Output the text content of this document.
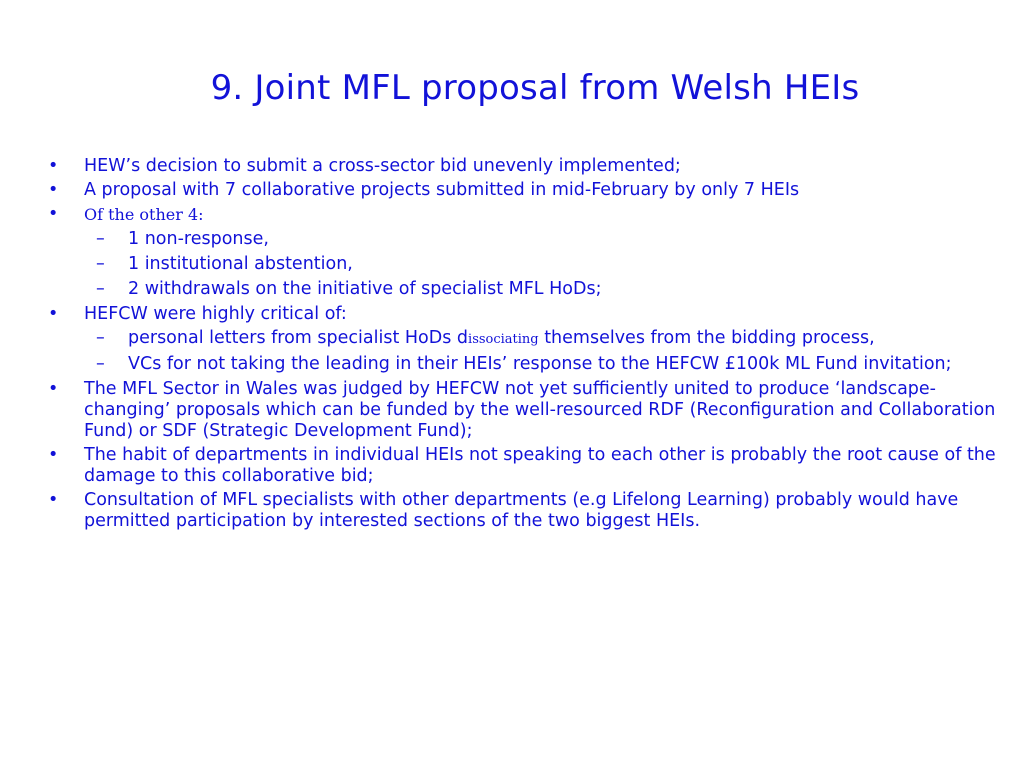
9. Joint MFL proposal from Welsh HEIs
• HEW’s decision to submit a cross-sector bid unevenly implemented;
• A proposal with 7 collaborative projects submitted in mid-February by only 7 HEIs
• Of the other 4:
– 1 non-response,
– 1 institutional abstention,
– 2 withdrawals on the initiative of specialist MFL HoDs;
• HEFCW were highly critical of:
– personal letters from specialist HoDs dissociating themselves from the bidding process,
– VCs for not taking the leading in their HEIs’ response to the HEFCW £100k ML Fund invitation;
• The MFL Sector in Wales was judged by HEFCW not yet sufficiently united to produce ‘landscape-changing’ proposals which can be funded by the well-resourced RDF (Reconfiguration and Collaboration Fund) or SDF (Strategic Development Fund);
• The habit of departments in individual HEIs not speaking to each other is probably the root cause of the damage to this collaborative bid;
• Consultation of MFL specialists with other departments (e.g Lifelong Learning) probably would have permitted participation by interested sections of the two biggest HEIs.
